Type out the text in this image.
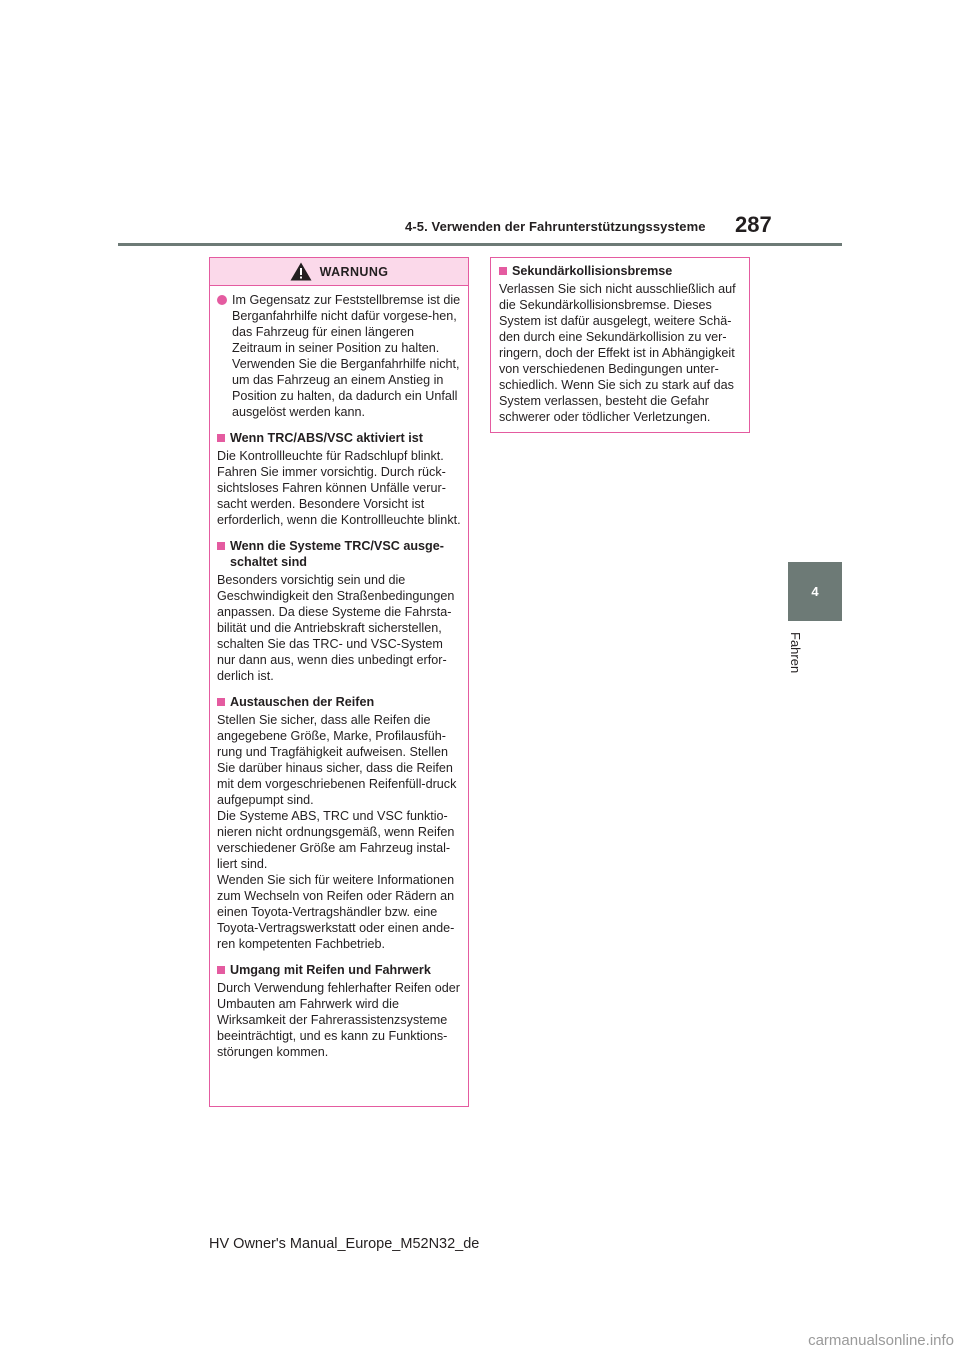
4-5. Verwenden der Fahrunterstützungssysteme 287
4
Fahren
WARNUNG

Im Gegensatz zur Feststellbremse ist die Berganfahrhilfe nicht dafür vorgese-hen, das Fahrzeug für einen längeren Zeitraum in seiner Position zu halten. Verwenden Sie die Berganfahrhilfe nicht, um das Fahrzeug an einem Anstieg in Position zu halten, da dadurch ein Unfall ausgelöst werden kann.

Wenn TRC/ABS/VSC aktiviert ist

Die Kontrollleuchte für Radschlupf blinkt. Fahren Sie immer vorsichtig. Durch rück-sichtsloses Fahren können Unfälle verur-sacht werden. Besondere Vorsicht ist erforderlich, wenn die Kontrollleuchte blinkt.

Wenn die Systeme TRC/VSC ausge-schaltet sind

Besonders vorsichtig sein und die Geschwindigkeit den Straßenbedingungen anpassen. Da diese Systeme die Fahrsta-bilität und die Antriebskraft sicherstellen, schalten Sie das TRC- und VSC-System nur dann aus, wenn dies unbedingt erfor-derlich ist.

Austauschen der Reifen

Stellen Sie sicher, dass alle Reifen die angegebene Größe, Marke, Profilausfüh-rung und Tragfähigkeit aufweisen. Stellen Sie darüber hinaus sicher, dass die Reifen mit dem vorgeschriebenen Reifenfüll-druck aufgepumpt sind.
Die Systeme ABS, TRC und VSC funktio-nieren nicht ordnungsgemäß, wenn Reifen verschiedener Größe am Fahrzeug instal-liert sind.
Wenden Sie sich für weitere Informationen zum Wechseln von Reifen oder Rädern an einen Toyota-Vertragshändler bzw. eine Toyota-Vertragswerkstatt oder einen ande-ren kompetenten Fachbetrieb.

Umgang mit Reifen und Fahrwerk

Durch Verwendung fehlerhafter Reifen oder Umbauten am Fahrwerk wird die Wirksamkeit der Fahrerassistenzsysteme beeinträchtigt, und es kann zu Funktions-störungen kommen.

Sekundärkollisionsbremse

Verlassen Sie sich nicht ausschließlich auf die Sekundärkollisionsbremse. Dieses System ist dafür ausgelegt, weitere Schä-den durch eine Sekundärkollision zu ver-ringern, doch der Effekt ist in Abhängigkeit von verschiedenen Bedingungen unter-schiedlich. Wenn Sie sich zu stark auf das System verlassen, besteht die Gefahr schwerer oder tödlicher Verletzungen.

HV Owner's Manual_Europe_M52N32_de
carmanualsonline.info
